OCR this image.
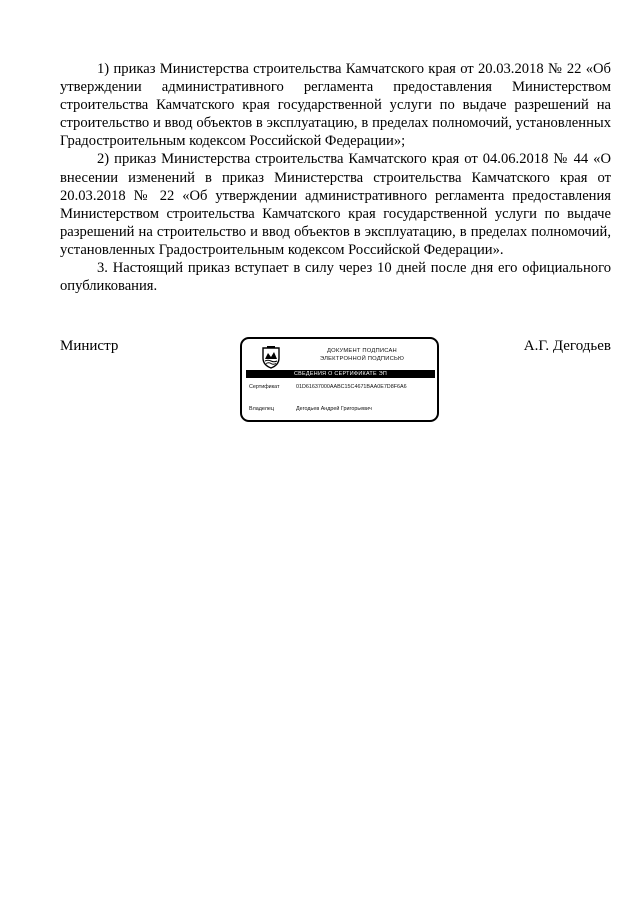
1) приказ Министерства строительства Камчатского края от 20.03.2018 № 22 «Об утверждении административного регламента предоставления Министерством строительства Камчатского края государственной услуги по выдаче разрешений на строительство и ввод объектов в эксплуатацию, в пределах полномочий, установленных Градостроительным кодексом Российской Федерации»;

2) приказ Министерства строительства Камчатского края от 04.06.2018 № 44 «О внесении изменений в приказ Министерства строительства Камчатского края от 20.03.2018 № 22 «Об утверждении административного регламента предоставления Министерством строительства Камчатского края государственной услуги по выдаче разрешений на строительство и ввод объектов в эксплуатацию, в пределах полномочий, установленных Градостроительным кодексом Российской Федерации».

3. Настоящий приказ вступает в силу через 10 дней после дня его официального опубликования.

Министр	ДОКУМЕНТ ПОДПИСАН
ЭЛЕКТРОННОЙ ПОДПИСЬЮ
СВЕДЕНИЯ О СЕРТИФИКАТЕ ЭП
Сертификат	01D61637000AABC15C4671BAA0E7D8F6A6
Владелец	Дегодьев Андрей Григорьевич
А.Г. Дегодьев
